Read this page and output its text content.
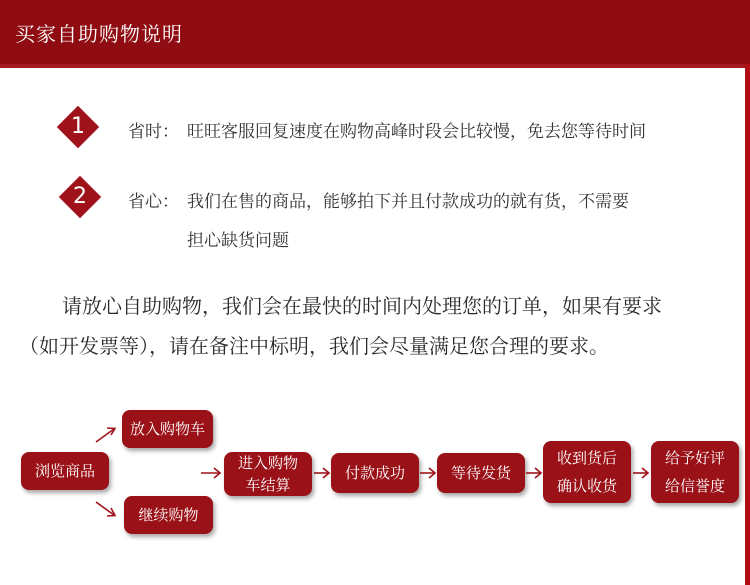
买家自助购物说明
1	省时： 旺旺客服回复速度在购物高峰时段会比较慢，免去您等待时间
2	省心： 我们在售的商品，能够拍下并且付款成功的就有货，不需要
担心缺货问题
请放心自助购物，我们会在最快的时间内处理您的订单，如果有要求
（如开发票等），请在备注中标明，我们会尽量满足您合理的要求。
浏览商品
放入购物车
继续购物
进入购物
车结算
付款成功	等待发货
收到货后
确认收货
给予好评
给信誉度
